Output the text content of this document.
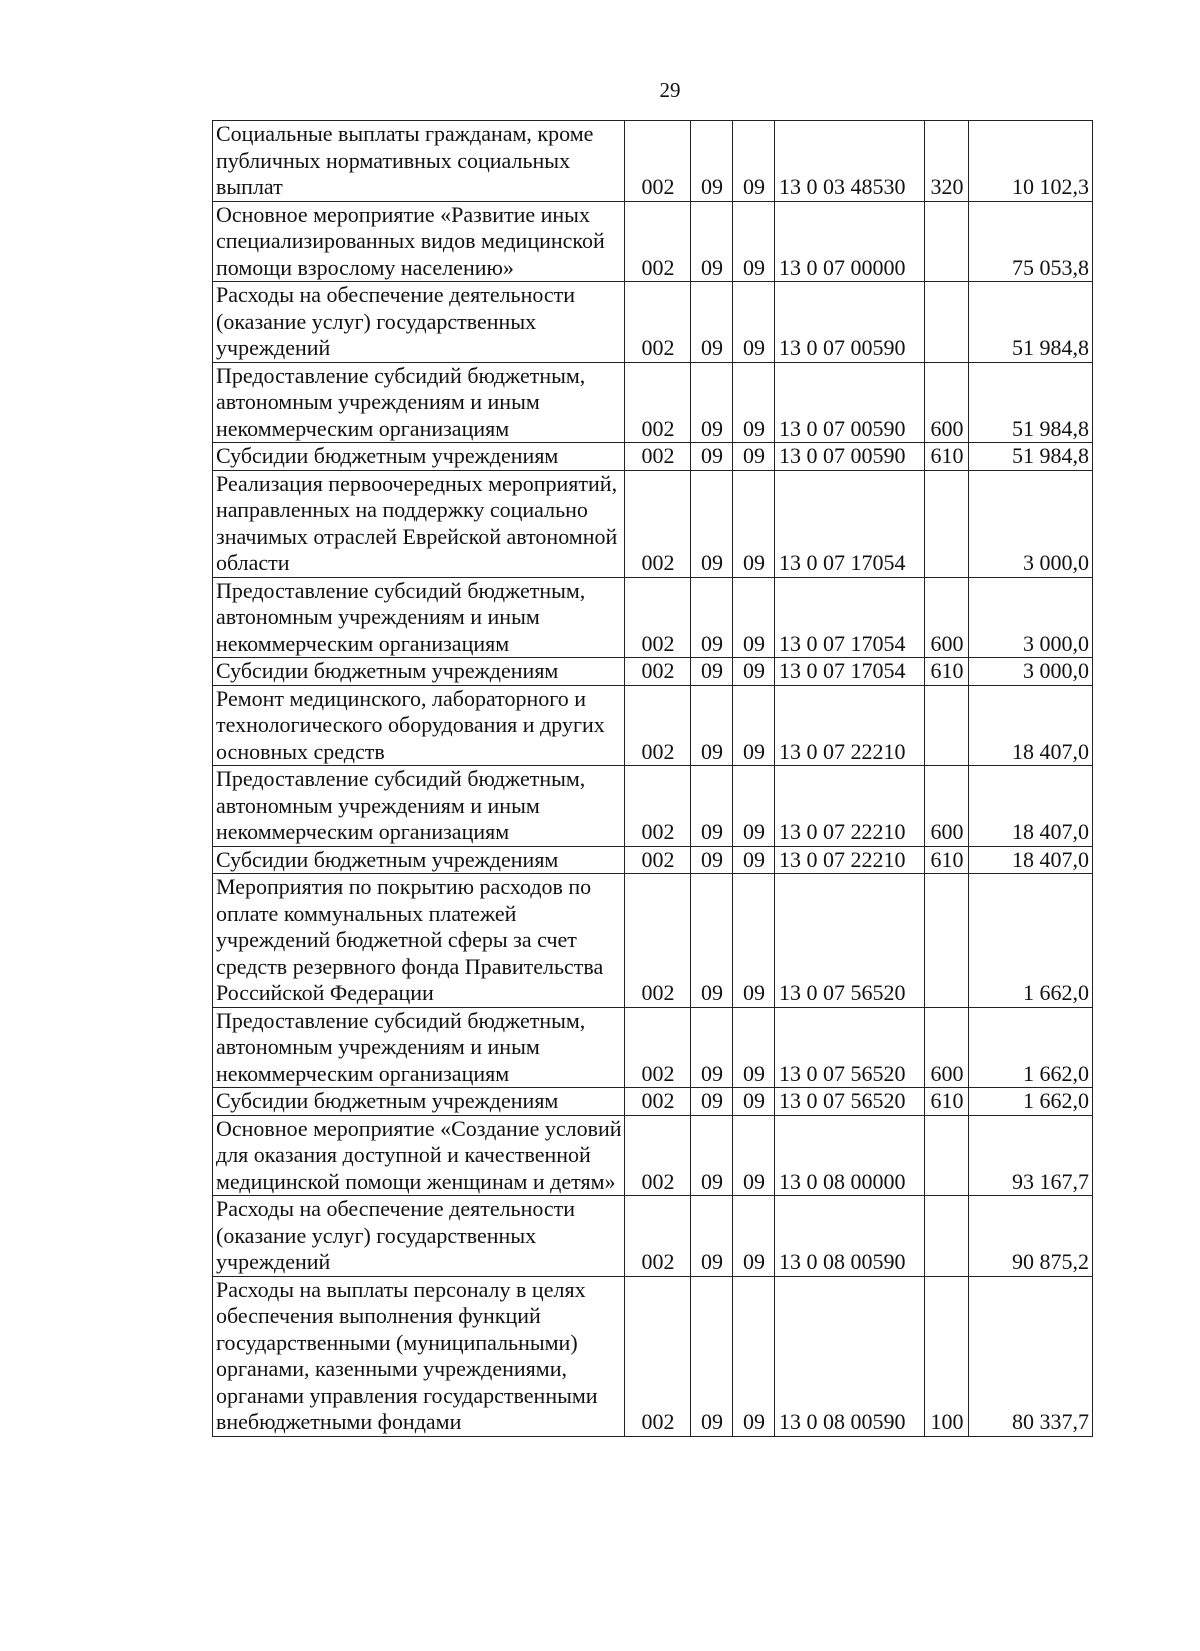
29
Социальные выплаты гражданам, кроме публичных нормативных социальных выплат	002	09	09	13 0 03 48530	320	10 102,3
Основное мероприятие «Развитие иных специализированных видов медицинской помощи взрослому населению»	002	09	09	13 0 07 00000		75 053,8
Расходы на обеспечение деятельности (оказание услуг) государственных учреждений	002	09	09	13 0 07 00590		51 984,8
Предоставление субсидий бюджетным, автономным учреждениям и иным некоммерческим организациям	002	09	09	13 0 07 00590	600	51 984,8
Субсидии бюджетным учреждениям	002	09	09	13 0 07 00590	610	51 984,8
Реализация первоочередных мероприятий, направленных на поддержку социально значимых отраслей Еврейской автономной области	002	09	09	13 0 07 17054		3 000,0
Предоставление субсидий бюджетным, автономным учреждениям и иным некоммерческим организациям	002	09	09	13 0 07 17054	600	3 000,0
Субсидии бюджетным учреждениям	002	09	09	13 0 07 17054	610	3 000,0
Ремонт медицинского, лабораторного и технологического оборудования и других основных средств	002	09	09	13 0 07 22210		18 407,0
Предоставление субсидий бюджетным, автономным учреждениям и иным некоммерческим организациям	002	09	09	13 0 07 22210	600	18 407,0
Субсидии бюджетным учреждениям	002	09	09	13 0 07 22210	610	18 407,0
Мероприятия по покрытию расходов по оплате коммунальных платежей учреждений бюджетной сферы за счет средств резервного фонда Правительства Российской Федерации	002	09	09	13 0 07 56520		1 662,0
Предоставление субсидий бюджетным, автономным учреждениям и иным некоммерческим организациям	002	09	09	13 0 07 56520	600	1 662,0
Субсидии бюджетным учреждениям	002	09	09	13 0 07 56520	610	1 662,0
Основное мероприятие «Создание условий для оказания доступной и качественной медицинской помощи женщинам и детям»	002	09	09	13 0 08 00000		93 167,7
Расходы на обеспечение деятельности (оказание услуг) государственных учреждений	002	09	09	13 0 08 00590		90 875,2
Расходы на выплаты персоналу в целях обеспечения выполнения функций государственными (муниципальными) органами, казенными учреждениями, органами управления государственными внебюджетными фондами	002	09	09	13 0 08 00590	100	80 337,7
